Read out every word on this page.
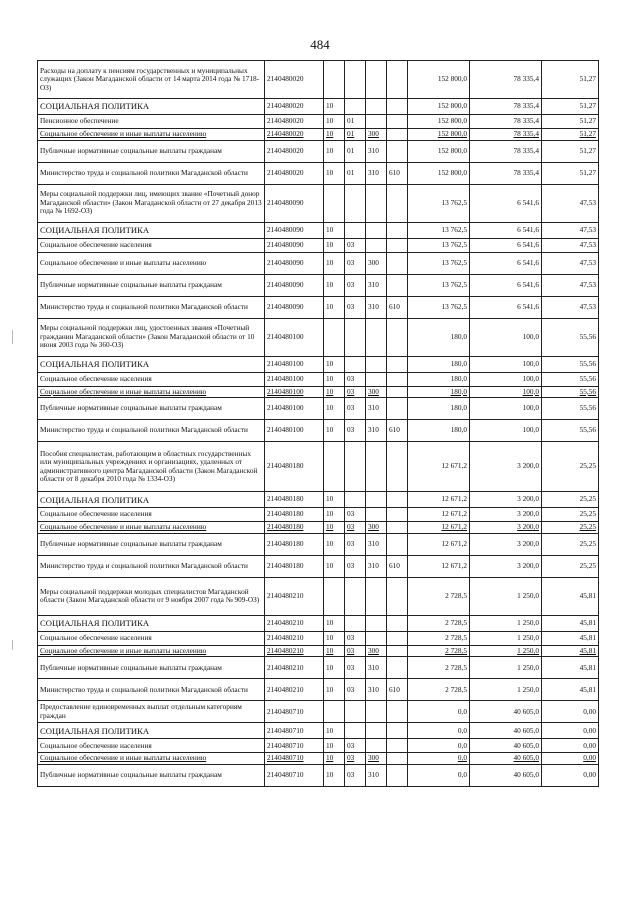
484
Расходы на доплату к пенсиям государственных и муниципальных служащих (Закон Магаданской области от 14 марта 2014 года № 1718-ОЗ)	2140480020					152 800,0	78 335,4	51,27
СОЦИАЛЬНАЯ ПОЛИТИКА	2140480020	10				152 800,0	78 335,4	51,27
Пенсионное обеспечение	2140480020	10	01			152 800,0	78 335,4	51,27
Социальное обеспечение и иные выплаты населению	2140480020	10	01	300		152 800,0	78 335,4	51,27
Публичные нормативные социальные выплаты гражданам	2140480020	10	01	310		152 800,0	78 335,4	51,27
Министерство труда и социальной политики Магаданской области	2140480020	10	01	310	610	152 800,0	78 335,4	51,27
Меры социальной поддержки лиц, имеющих звание «Почетный донор Магаданской области» (Закон Магаданской области от 27 декабря 2013 года № 1692-ОЗ)	2140480090					13 762,5	6 541,6	47,53
СОЦИАЛЬНАЯ ПОЛИТИКА	2140480090	10				13 762,5	6 541,6	47,53
Социальное обеспечение населения	2140480090	10	03			13 762,5	6 541,6	47,53
Социальное обеспечение и иные выплаты населению	2140480090	10	03	300		13 762,5	6 541,6	47,53
Публичные нормативные социальные выплаты гражданам	2140480090	10	03	310		13 762,5	6 541,6	47,53
Министерство труда и социальной политики Магаданской области	2140480090	10	03	310	610	13 762,5	6 541,6	47,53
Меры социальной поддержки лиц, удостоенных звания «Почетный гражданин Магаданской области» (Закон Магаданской области от 10 июня 2003 года № 360-ОЗ)	2140480100					180,0	100,0	55,56
СОЦИАЛЬНАЯ ПОЛИТИКА	2140480100	10				180,0	100,0	55,56
Социальное обеспечение населения	2140480100	10	03			180,0	100,0	55,56
Социальное обеспечение и иные выплаты населению	2140480100	10	03	300		180,0	100,0	55,56
Публичные нормативные социальные выплаты гражданам	2140480100	10	03	310		180,0	100,0	55,56
Министерство труда и социальной политики Магаданской области	2140480100	10	03	310	610	180,0	100,0	55,56
Пособия специалистам, работающим в областных государственных или муниципальных учреждениях и организациях, удаленных от административного центра Магаданской области (Закон Магаданской области от 8 декабря 2010 года № 1334-ОЗ)	2140480180					12 671,2	3 200,0	25,25
СОЦИАЛЬНАЯ ПОЛИТИКА	2140480180	10				12 671,2	3 200,0	25,25
Социальное обеспечение населения	2140480180	10	03			12 671,2	3 200,0	25,25
Социальное обеспечение и иные выплаты населению	2140480180	10	03	300		12 671,2	3 200,0	25,25
Публичные нормативные социальные выплаты гражданам	2140480180	10	03	310		12 671,2	3 200,0	25,25
Министерство труда и социальной политики Магаданской области	2140480180	10	03	310	610	12 671,2	3 200,0	25,25
Меры социальной поддержки молодых специалистов Магаданской области (Закон Магаданской области от 9 ноября 2007 года № 909-ОЗ)	2140480210					2 728,5	1 250,0	45,81
СОЦИАЛЬНАЯ ПОЛИТИКА	2140480210	10				2 728,5	1 250,0	45,81
Социальное обеспечение населения	2140480210	10	03			2 728,5	1 250,0	45,81
Социальное обеспечение и иные выплаты населению	2140480210	10	03	300		2 728,5	1 250,0	45,81
Публичные нормативные социальные выплаты гражданам	2140480210	10	03	310		2 728,5	1 250,0	45,81
Министерство труда и социальной политики Магаданской области	2140480210	10	03	310	610	2 728,5	1 250,0	45,81
Предоставление единовременных выплат отдельным категориям граждан	2140480710					0,0	40 605,0	0,00
СОЦИАЛЬНАЯ ПОЛИТИКА	2140480710	10				0,0	40 605,0	0,00
Социальное обеспечение населения	2140480710	10	03			0,0	40 605,0	0,00
Социальное обеспечение и иные выплаты населению	2140480710	10	03	300		0,0	40 605,0	0,00
Публичные нормативные социальные выплаты гражданам	2140480710	10	03	310		0,0	40 605,0	0,00
